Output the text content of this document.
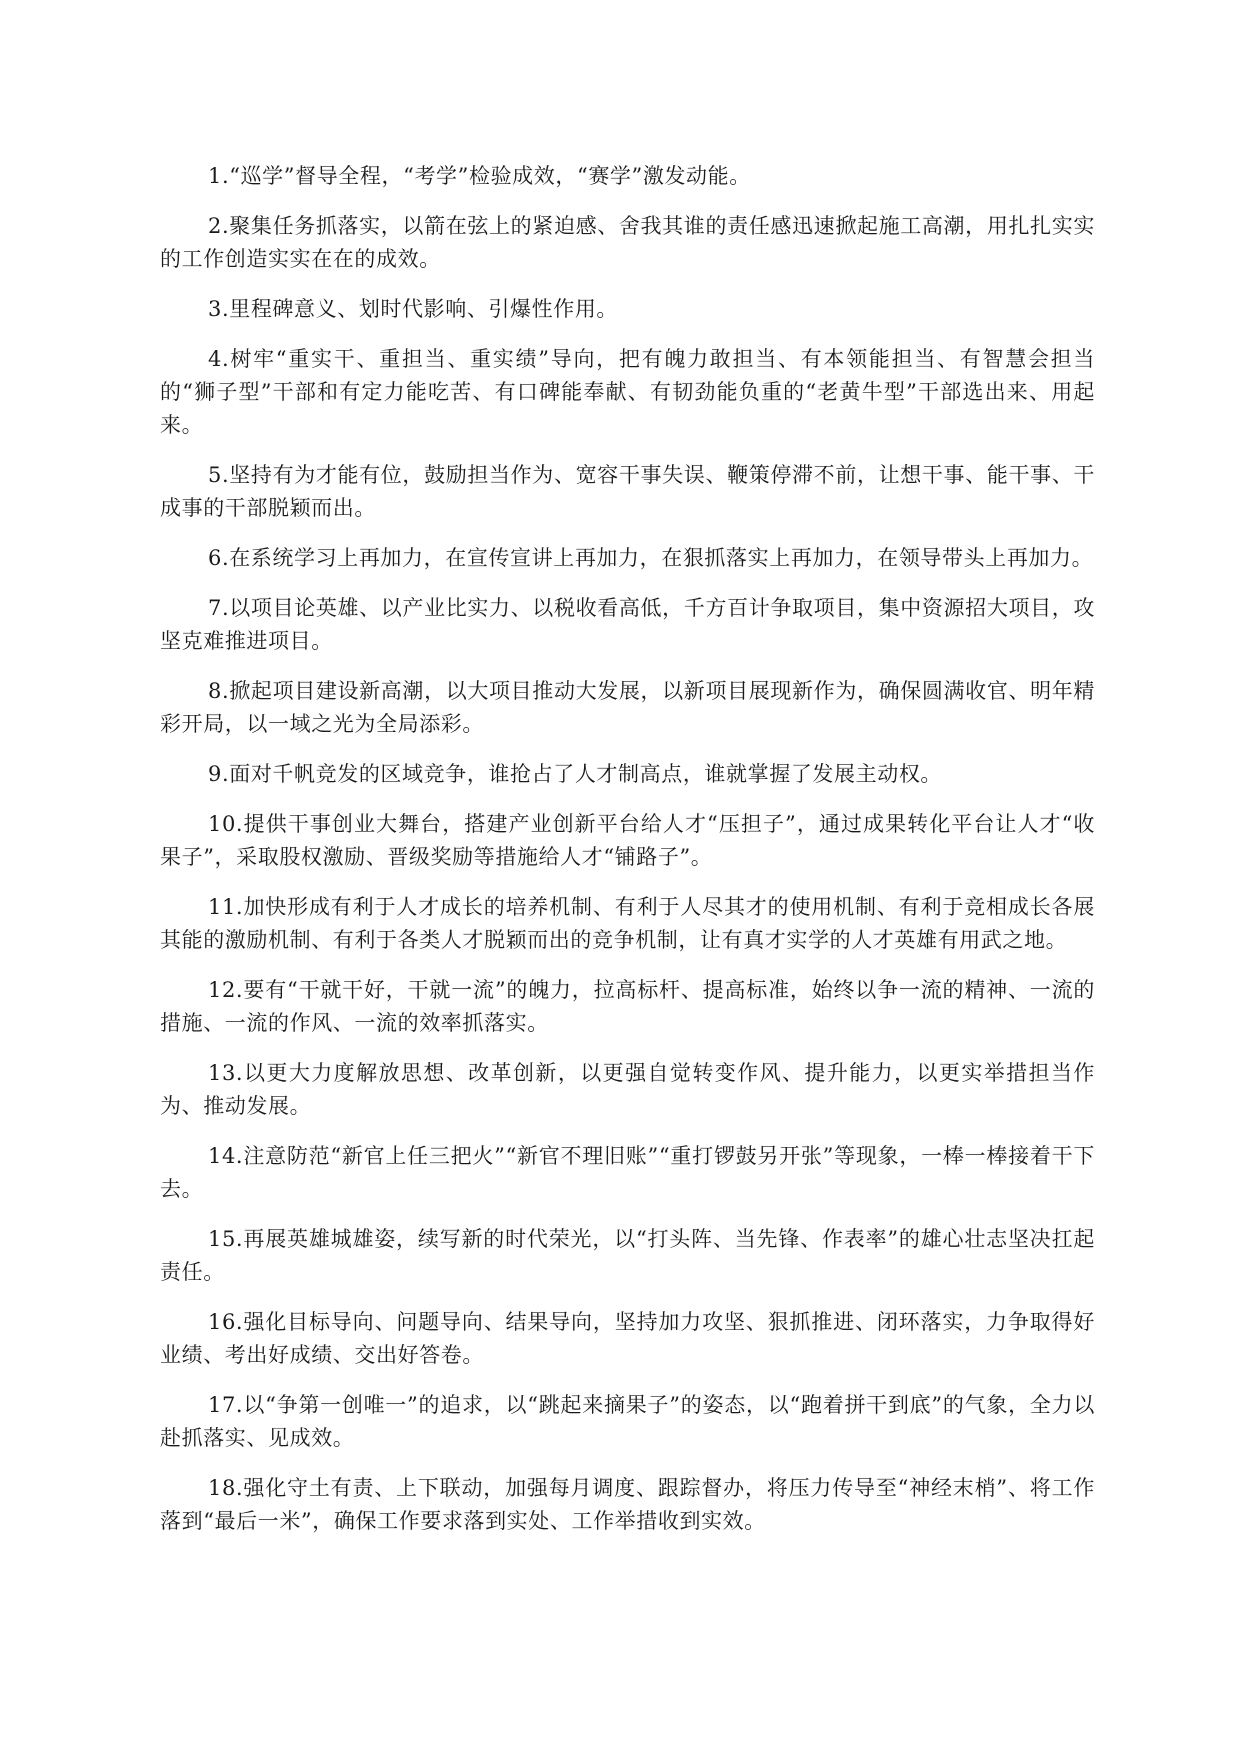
1.“巡学”督导全程，“考学”检验成效，“赛学”激发动能。

2.聚集任务抓落实，以箭在弦上的紧迫感、舍我其谁的责任感迅速掀起施工高潮，用扎扎实实的工作创造实实在在的成效。

3.里程碑意义、划时代影响、引爆性作用。

4.树牢“重实干、重担当、重实绩”导向，把有魄力敢担当、有本领能担当、有智慧会担当的“狮子型”干部和有定力能吃苦、有口碑能奉献、有韧劲能负重的“老黄牛型”干部选出来、用起来。

5.坚持有为才能有位，鼓励担当作为、宽容干事失误、鞭策停滞不前，让想干事、能干事、干成事的干部脱颖而出。

6.在系统学习上再加力，在宣传宣讲上再加力，在狠抓落实上再加力，在领导带头上再加力。

7.以项目论英雄、以产业比实力、以税收看高低，千方百计争取项目，集中资源招大项目，攻坚克难推进项目。

8.掀起项目建设新高潮，以大项目推动大发展，以新项目展现新作为，确保圆满收官、明年精彩开局，以一域之光为全局添彩。

9.面对千帆竞发的区域竞争，谁抢占了人才制高点，谁就掌握了发展主动权。

10.提供干事创业大舞台，搭建产业创新平台给人才“压担子”，通过成果转化平台让人才“收果子”，采取股权激励、晋级奖励等措施给人才“铺路子”。

11.加快形成有利于人才成长的培养机制、有利于人尽其才的使用机制、有利于竞相成长各展其能的激励机制、有利于各类人才脱颖而出的竞争机制，让有真才实学的人才英雄有用武之地。

12.要有“干就干好，干就一流”的魄力，拉高标杆、提高标准，始终以争一流的精神、一流的措施、一流的作风、一流的效率抓落实。

13.以更大力度解放思想、改革创新，以更强自觉转变作风、提升能力，以更实举措担当作为、推动发展。

14.注意防范“新官上任三把火”“新官不理旧账”“重打锣鼓另开张”等现象，一棒一棒接着干下去。

15.再展英雄城雄姿，续写新的时代荣光，以“打头阵、当先锋、作表率”的雄心壮志坚决扛起责任。

16.强化目标导向、问题导向、结果导向，坚持加力攻坚、狠抓推进、闭环落实，力争取得好业绩、考出好成绩、交出好答卷。

17.以“争第一创唯一”的追求，以“跳起来摘果子”的姿态，以“跑着拼干到底”的气象，全力以赴抓落实、见成效。

18.强化守土有责、上下联动，加强每月调度、跟踪督办，将压力传导至“神经末梢”、将工作落到“最后一米”，确保工作要求落到实处、工作举措收到实效。
